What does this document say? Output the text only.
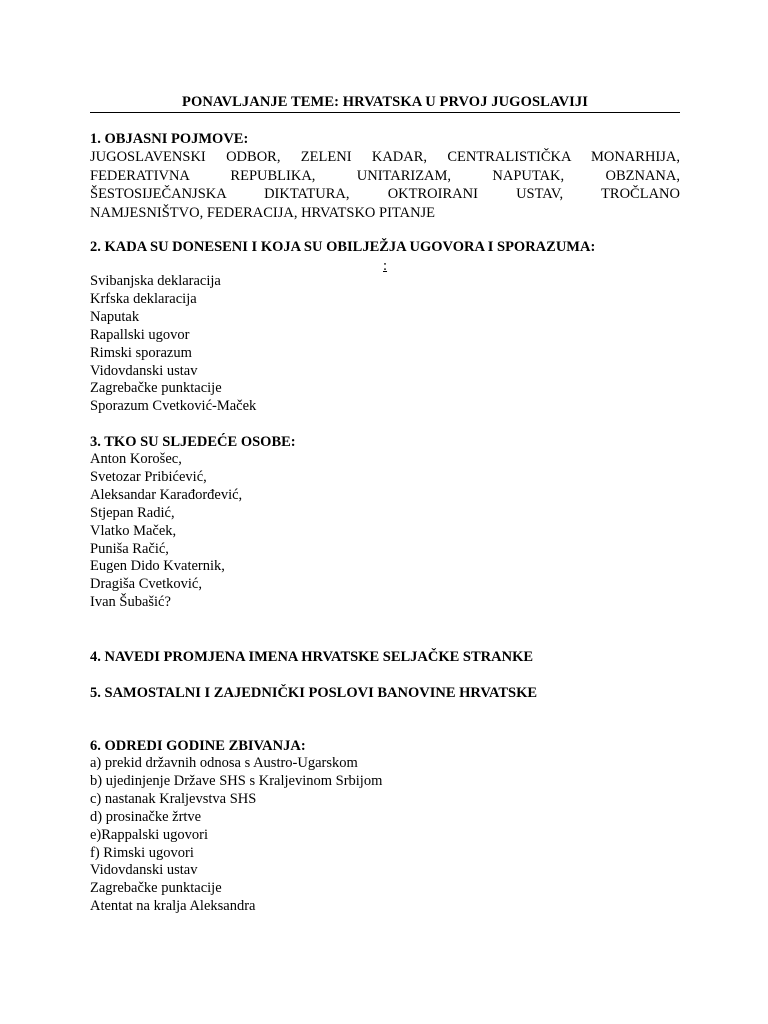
PONAVLJANJE TEME: HRVATSKA U PRVOJ JUGOSLAVIJI
1. OBJASNI POJMOVE:
JUGOSLAVENSKI ODBOR, ZELENI KADAR, CENTRALISTIČKA MONARHIJA,
FEDERATIVNA REPUBLIKA, UNITARIZAM, NAPUTAK, OBZNANA,
ŠESTOSIJEČANJSKA DIKTATURA, OKTROIRANI USTAV, TROČLANO
NAMJESNIŠTVO, FEDERACIJA, HRVATSKO PITANJE
2. KADA SU DONESENI I KOJA SU OBILJEŽJA UGOVORA I SPORAZUMA:
:
Svibanjska deklaracija
Krfska deklaracija
Naputak
Rapallski ugovor
Rimski sporazum
Vidovdanski ustav
Zagrebačke punktacije
Sporazum Cvetković-Maček
3. TKO SU SLJEDEĆE OSOBE:
Anton Korošec,
Svetozar Pribićević,
Aleksandar Karađorđević,
Stjepan Radić,
Vlatko Maček,
Puniša Račić,
Eugen Dido Kvaternik,
Dragiša Cvetković,
Ivan Šubašić?
4. NAVEDI PROMJENA IMENA HRVATSKE SELJAČKE STRANKE
5. SAMOSTALNI I ZAJEDNIČKI POSLOVI BANOVINE HRVATSKE
6. ODREDI GODINE ZBIVANJA:
a) prekid državnih odnosa s Austro-Ugarskom
b) ujedinjenje Države SHS s Kraljevinom Srbijom
c) nastanak Kraljevstva SHS
d) prosinačke žrtve
e)Rappalski ugovori
f) Rimski ugovori
Vidovdanski ustav
Zagrebačke punktacije
Atentat na kralja Aleksandra
